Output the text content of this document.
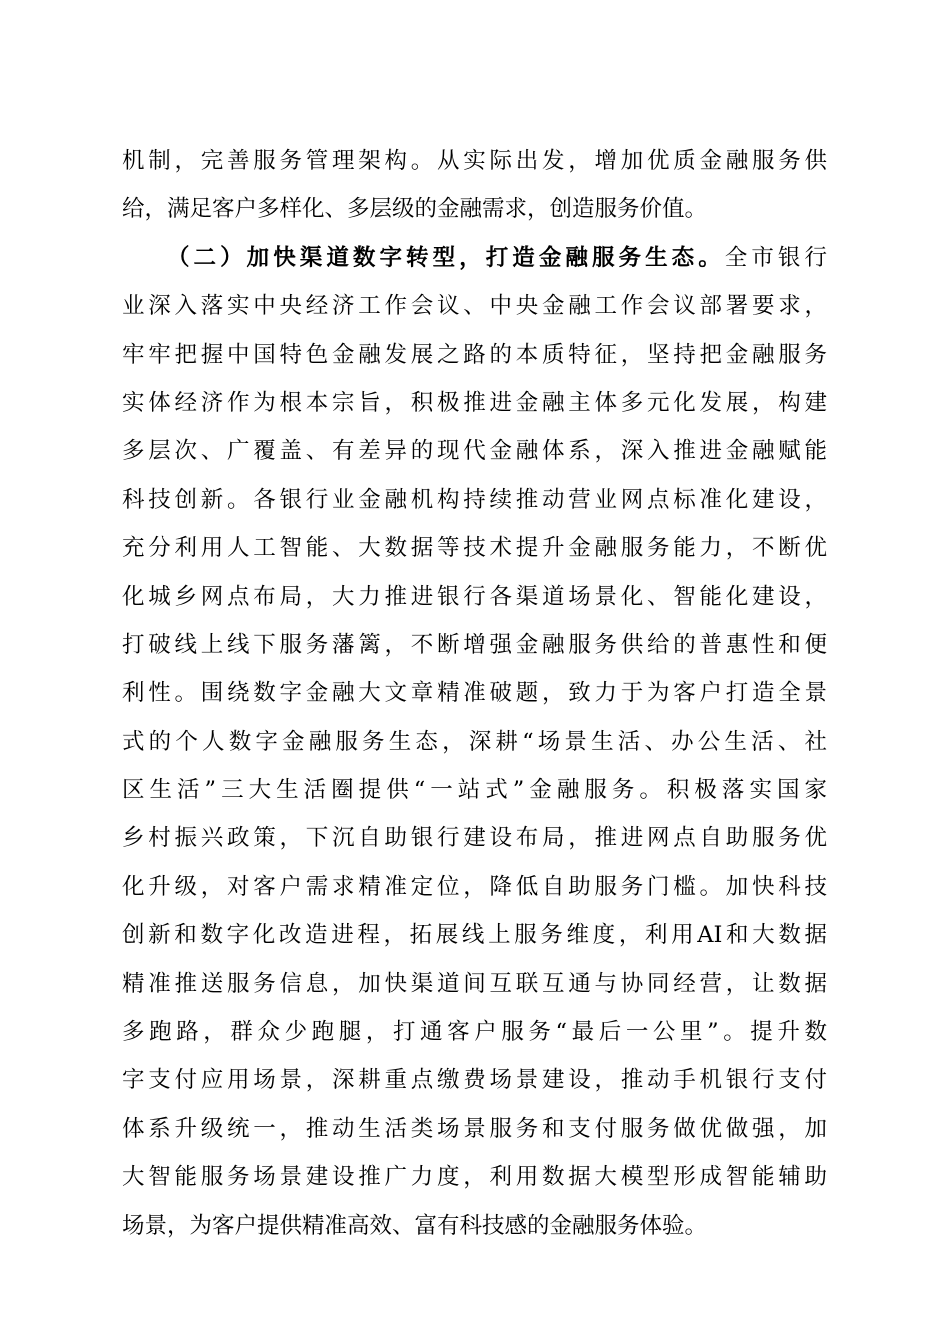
机制，完善服务管理架构。从实际出发，增加优质金融服务供
给，满足客户多样化、多层级的金融需求，创造服务价值。
（二）加快渠道数字转型，打造金融服务生态。全市银行
业深入落实中央经济工作会议、中央金融工作会议部署要求，
牢牢把握中国特色金融发展之路的本质特征，坚持把金融服务
实体经济作为根本宗旨，积极推进金融主体多元化发展，构建
多层次、广覆盖、有差异的现代金融体系，深入推进金融赋能
科技创新。各银行业金融机构持续推动营业网点标准化建设，
充分利用人工智能、大数据等技术提升金融服务能力，不断优
化城乡网点布局，大力推进银行各渠道场景化、智能化建设，
打破线上线下服务藩篱，不断增强金融服务供给的普惠性和便
利性。围绕数字金融大文章精准破题，致力于为客户打造全景
式的个人数字金融服务生态，深耕“场景生活、办公生活、社
区生活”三大生活圈提供“一站式”金融服务。积极落实国家
乡村振兴政策，下沉自助银行建设布局，推进网点自助服务优
化升级，对客户需求精准定位，降低自助服务门槛。加快科技
创新和数字化改造进程，拓展线上服务维度，利用AI和大数据
精准推送服务信息，加快渠道间互联互通与协同经营，让数据
多跑路，群众少跑腿，打通客户服务“最后一公里”。提升数
字支付应用场景，深耕重点缴费场景建设，推动手机银行支付
体系升级统一，推动生活类场景服务和支付服务做优做强，加
大智能服务场景建设推广力度，利用数据大模型形成智能辅助
场景，为客户提供精准高效、富有科技感的金融服务体验。
